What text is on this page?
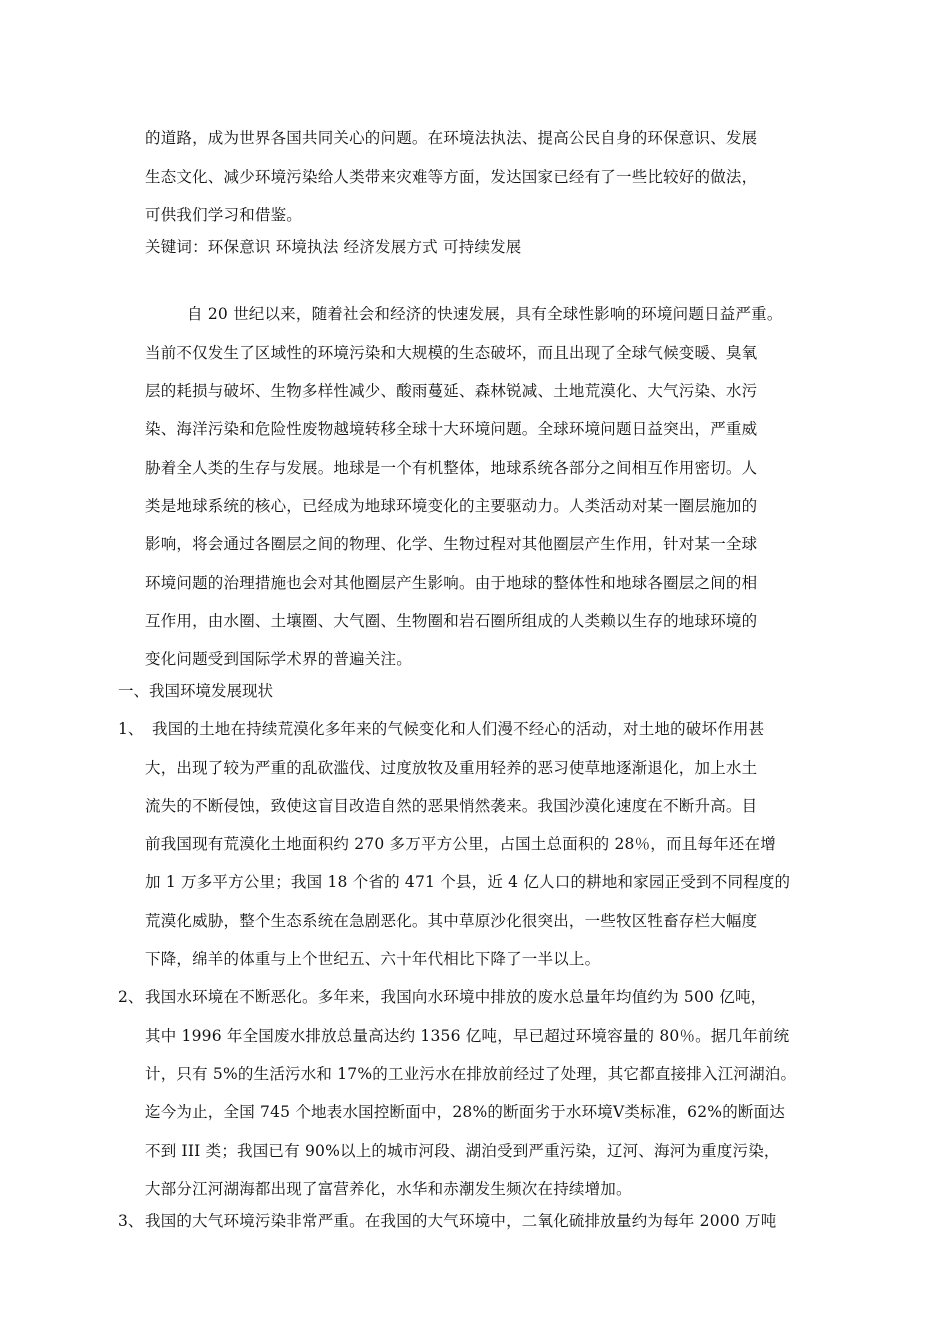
的道路，成为世界各国共同关心的问题。在环境法执法、提高公民自身的环保意识、发展
生态文化、减少环境污染给人类带来灾难等方面，发达国家已经有了一些比较好的做法，
可供我们学习和借鉴。
关键词：环保意识 环境执法 经济发展方式 可持续发展
自 20 世纪以来，随着社会和经济的快速发展，具有全球性影响的环境问题日益严重。
当前不仅发生了区域性的环境污染和大规模的生态破坏，而且出现了全球气候变暖、臭氧
层的耗损与破坏、生物多样性减少、酸雨蔓延、森林锐减、土地荒漠化、大气污染、水污
染、海洋污染和危险性废物越境转移全球十大环境问题。全球环境问题日益突出，严重威
胁着全人类的生存与发展。地球是一个有机整体，地球系统各部分之间相互作用密切。人
类是地球系统的核心，已经成为地球环境变化的主要驱动力。人类活动对某一圈层施加的
影响，将会通过各圈层之间的物理、化学、生物过程对其他圈层产生作用，针对某一全球
环境问题的治理措施也会对其他圈层产生影响。由于地球的整体性和地球各圈层之间的相
互作用，由水圈、土壤圈、大气圈、生物圈和岩石圈所组成的人类赖以生存的地球环境的
变化问题受到国际学术界的普遍关注。
一、我国环境发展现状
1、 我国的土地在持续荒漠化多年来的气候变化和人们漫不经心的活动，对土地的破坏作用甚
大，出现了较为严重的乱砍滥伐、过度放牧及重用轻养的恶习使草地逐渐退化，加上水土
流失的不断侵蚀，致使这盲目改造自然的恶果悄然袭来。我国沙漠化速度在不断升高。目
前我国现有荒漠化土地面积约 270 多万平方公里，占国土总面积的 28％，而且每年还在增
加 1 万多平方公里；我国 18 个省的 471 个县，近 4 亿人口的耕地和家园正受到不同程度的
荒漠化威胁，整个生态系统在急剧恶化。其中草原沙化很突出，一些牧区牲畜存栏大幅度
下降，绵羊的体重与上个世纪五、六十年代相比下降了一半以上。
2、 我国水环境在不断恶化。多年来，我国向水环境中排放的废水总量年均值约为 500 亿吨，
其中 1996 年全国废水排放总量高达约 1356 亿吨，早已超过环境容量的 80％。据几年前统
计，只有 5%的生活污水和 17%的工业污水在排放前经过了处理，其它都直接排入江河湖泊。
迄今为止，全国 745 个地表水国控断面中，28%的断面劣于水环境Ⅴ类标准，62%的断面达
不到 III 类；我国已有 90%以上的城市河段、湖泊受到严重污染，辽河、海河为重度污染，
大部分江河湖海都出现了富营养化，水华和赤潮发生频次在持续增加。
3、 我国的大气环境污染非常严重。在我国的大气环境中，二氧化硫排放量约为每年 2000 万吨
